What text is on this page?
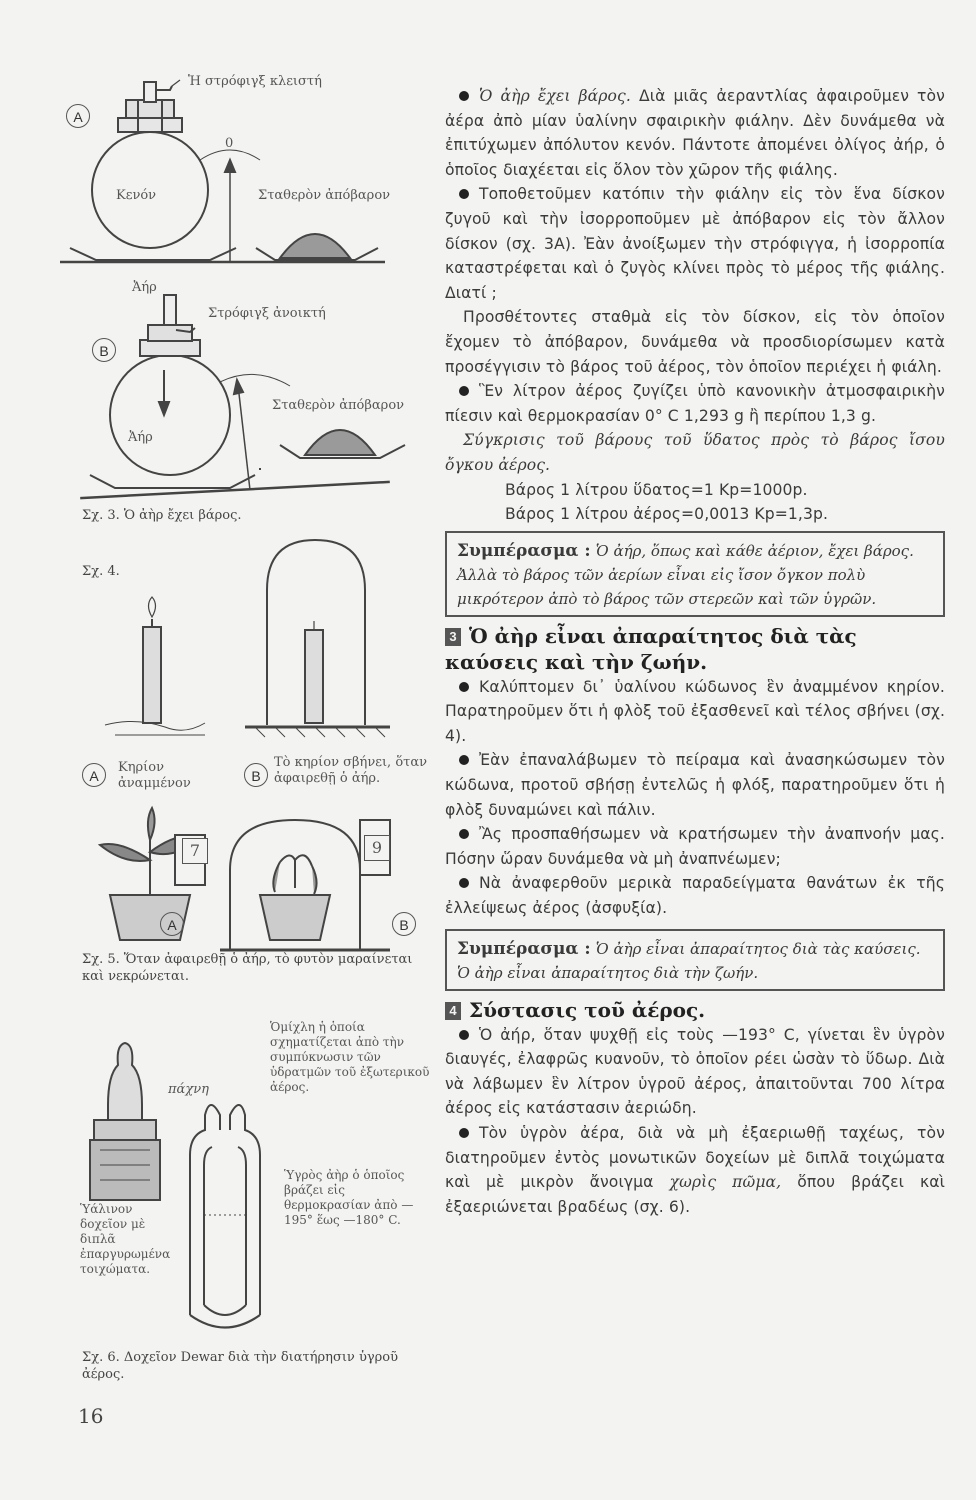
Ἡ στρόφιγξ κλειστή
A
Κενόν
0
Σταθερὸν ἀπόβαρον
Ἀήρ
Στρόφιγξ ἀνοικτή
B
Ἀήρ
Σταθερὸν ἀπόβαρον
Σχ. 3. Ὁ ἀὴρ ἔχει βάρος.
Σχ. 4.
A
Κηρίον ἀναμμένον	B
Τὸ κηρίον σβήνει, ὅταν ἀφαιρεθῇ ὁ ἀήρ.
7	9
A	B
Σχ. 5. Ὅταν ἀφαιρεθῇ ὁ ἀήρ, τὸ φυτὸν μαραίνεται καὶ νεκρώνεται.
Ὁμίχλη ἡ ὁποία σχηματίζεται ἀπὸ τὴν συμπύκνωσιν τῶν ὑδρατμῶν τοῦ ἐξωτερικοῦ ἀέρος.
πάχνη
Ὑγρὸς ἀὴρ ὁ ὁποῖος βράζει εἰς θερμοκρασίαν ἀπὸ —195° ἕως —180° C.
Ὑάλινον δοχεῖον μὲ διπλᾶ ἐπαργυρωμένα τοιχώματα.
Σχ. 6. Δοχεῖον Dewar διὰ τὴν διατήρησιν ὑγροῦ ἀέρος.

Ὁ ἀὴρ ἔχει βάρος. Διὰ μιᾶς ἀεραντλίας ἀφαιροῦμεν τὸν ἀέρα ἀπὸ μίαν ὑαλίνην σφαιρικὴν φιάλην. Δὲν δυνάμεθα νὰ ἐπιτύχωμεν ἀπόλυτον κενόν. Πάντοτε ἀπομένει ὀλίγος ἀήρ, ὁ ὁποῖος διαχέεται εἰς ὅλον τὸν χῶρον τῆς φιάλης.

Τοποθετοῦμεν κατόπιν τὴν φιάλην εἰς τὸν ἕνα δίσκον ζυγοῦ καὶ τὴν ἰσορροποῦμεν μὲ ἀπόβαρον εἰς τὸν ἄλλον δίσκον (σχ. 3Α). Ἐὰν ἀνοίξωμεν τὴν στρόφιγγα, ἡ ἰσορροπία καταστρέφεται καὶ ὁ ζυγὸς κλίνει πρὸς τὸ μέρος τῆς φιάλης. Διατί ;

Προσθέτοντες σταθμὰ εἰς τὸν δίσκον, εἰς τὸν ὁποῖον ἔχομεν τὸ ἀπόβαρον, δυνάμεθα νὰ προσδιορίσωμεν κατὰ προσέγγισιν τὸ βάρος τοῦ ἀέρος, τὸν ὁποῖον περιέχει ἡ φιάλη.

Ἓν λίτρον ἀέρος ζυγίζει ὑπὸ κανονικὴν ἀτμοσφαιρικὴν πίεσιν καὶ θερμοκρασίαν 0° C 1,293 g ἢ περίπου 1,3 g.

Σύγκρισις τοῦ βάρους τοῦ ὕδατος πρὸς τὸ βάρος ἴσου ὄγκου ἀέρος.

Βάρος 1 λίτρου ὕδατος=1 Kp=1000p.

Βάρος 1 λίτρου ἀέρος=0,0013 Kp=1,3p.

Συμπέρασμα : Ὁ ἀήρ, ὅπως καὶ κάθε ἀέριον, ἔχει βάρος. Ἀλλὰ τὸ βάρος τῶν ἀερίων εἶναι εἰς ἴσον ὄγκον πολὺ μικρότερον ἀπὸ τὸ βάρος τῶν στερεῶν καὶ τῶν ὑγρῶν.
3 Ὁ ἀὴρ εἶναι ἀπαραίτητος διὰ τὰς καύσεις καὶ τὴν ζωήν.

Καλύπτομεν δι᾿ ὑαλίνου κώδωνος ἓν ἀναμμένον κηρίον. Παρατηροῦμεν ὅτι ἡ φλὸξ τοῦ ἐξασθενεῖ καὶ τέλος σβήνει (σχ. 4).

Ἐὰν ἐπαναλάβωμεν τὸ πείραμα καὶ ἀνασηκώσωμεν τὸν κώδωνα, προτοῦ σβήσῃ ἐντελῶς ἡ φλόξ, παρατηροῦμεν ὅτι ἡ φλὸξ δυναμώνει καὶ πάλιν.

Ἂς προσπαθήσωμεν νὰ κρατήσωμεν τὴν ἀναπνοήν μας. Πόσην ὥραν δυνάμεθα νὰ μὴ ἀναπνέωμεν;

Νὰ ἀναφερθοῦν μερικὰ παραδείγματα θανάτων ἐκ τῆς ἐλλείψεως ἀέρος (ἀσφυξία).

Συμπέρασμα : Ὁ ἀὴρ εἶναι ἀπαραίτητος διὰ τὰς καύσεις. Ὁ ἀὴρ εἶναι ἀπαραίτητος διὰ τὴν ζωήν.
4 Σύστασις τοῦ ἀέρος.

Ὁ ἀήρ, ὅταν ψυχθῇ εἰς τοὺς —193° C, γίνεται ἓν ὑγρὸν διαυγές, ἐλαφρῶς κυανοῦν, τὸ ὁποῖον ρέει ὡσὰν τὸ ὕδωρ. Διὰ νὰ λάβωμεν ἓν λίτρον ὑγροῦ ἀέρος, ἀπαιτοῦνται 700 λίτρα ἀέρος εἰς κατάστασιν ἀεριώδη.

Τὸν ὑγρὸν ἀέρα, διὰ νὰ μὴ ἐξαεριωθῇ ταχέως, τὸν διατηροῦμεν ἐντὸς μονωτικῶν δοχείων μὲ διπλᾶ τοιχώματα καὶ μὲ μικρὸν ἄνοιγμα χωρὶς πῶμα, ὅπου βράζει καὶ ἐξαεριώνεται βραδέως (σχ. 6).

16
